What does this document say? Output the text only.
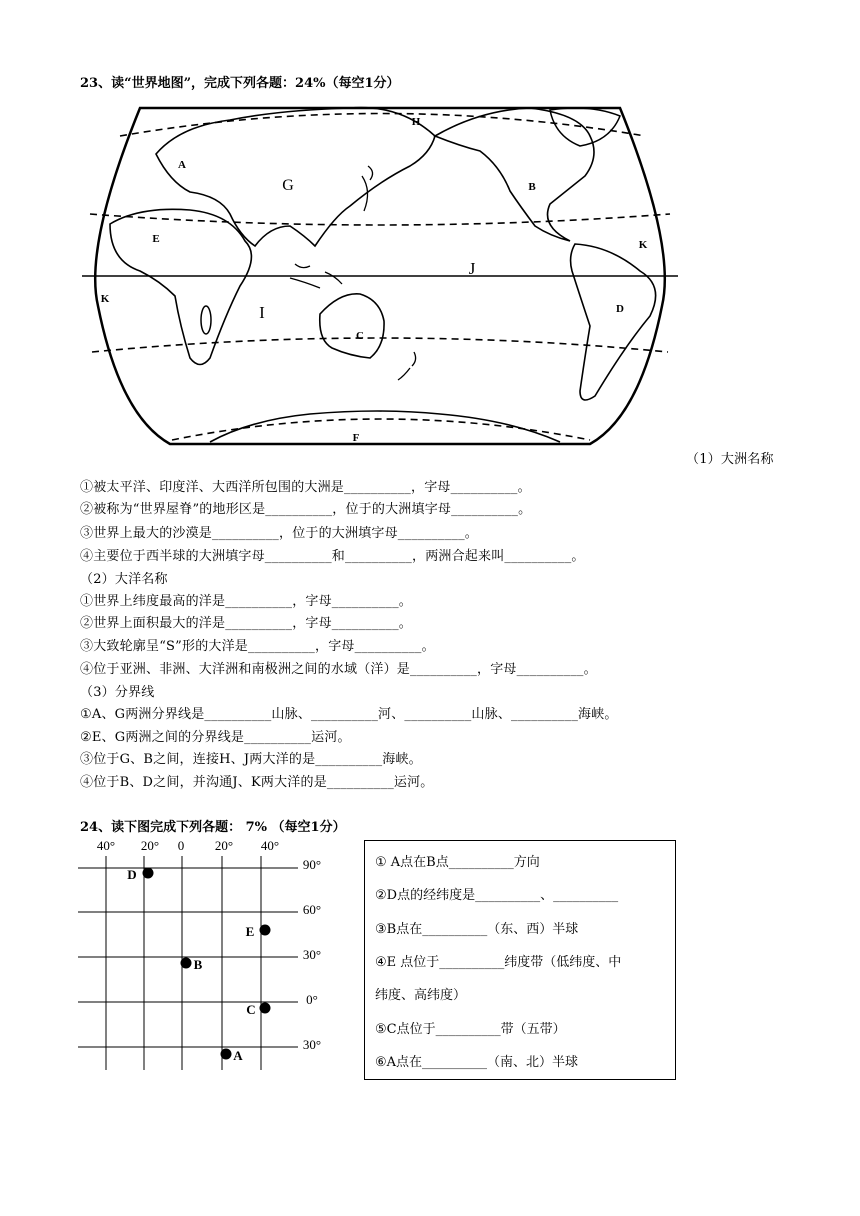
23、读“世界地图”，完成下列各题：24%（每空1分）
A
G
H
B
E	K
J
K
I	D
C
F
（1）大洲名称
①被太平洋、印度洋、大西洋所包围的大洲是__________，字母__________。
②被称为“世界屋脊”的地形区是__________，位于的大洲填字母__________。
③世界上最大的沙漠是__________，位于的大洲填字母__________。
④主要位于西半球的大洲填字母__________和__________，两洲合起来叫__________。
（2）大洋名称
①世界上纬度最高的洋是__________，字母__________。
②世界上面积最大的洋是__________，字母__________。
③大致轮廓呈“S”形的大洋是__________，字母__________。
④位于亚洲、非洲、大洋洲和南极洲之间的水域（洋）是__________，字母__________。
（3）分界线
①A、G两洲分界线是__________山脉、__________河、__________山脉、__________海峡。
②E、G两洲之间的分界线是__________运河。
③位于G、B之间，连接H、J两大洋的是__________海峡。
④位于B、D之间，并沟通J、K两大洋的是__________运河。
24、读下图完成下列各题： 7% （每空1分）
40° 20° 0 20° 40°
90°
60°
30°
0°
30°
D
E
B
C
A
① A点在B点__________方向
②D点的经纬度是__________、__________
③B点在__________（东、西）半球
④E 点位于__________纬度带（低纬度、中
纬度、高纬度）
⑤C点位于__________带（五带）
⑥A点在__________（南、北）半球
